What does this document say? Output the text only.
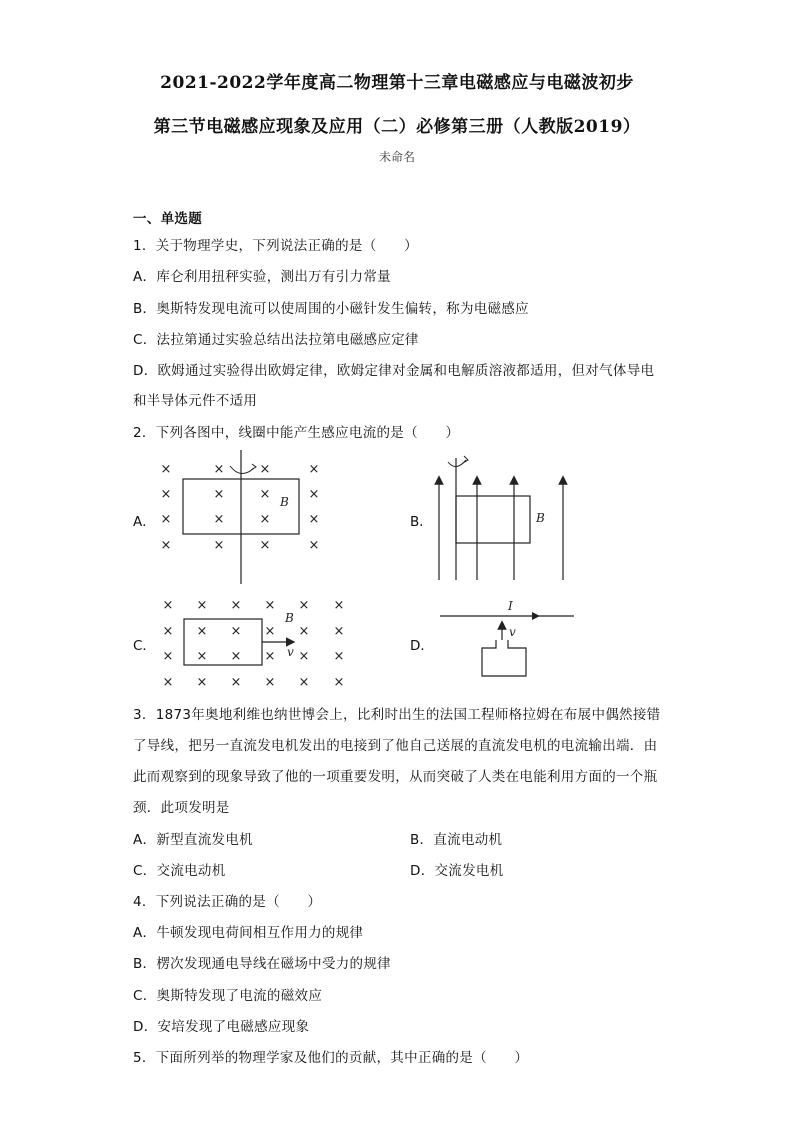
2021-2022学年度高二物理第十三章电磁感应与电磁波初步
第三节电磁感应现象及应用（二）必修第三册（人教版2019）
未命名
一、单选题
1．关于物理学史，下列说法正确的是（　　）
A．库仑利用扭秤实验，测出万有引力常量
B．奥斯特发现电流可以使周围的小磁针发生偏转，称为电磁感应
C．法拉第通过实验总结出法拉第电磁感应定律
D．欧姆通过实验得出欧姆定律，欧姆定律对金属和电解质溶液都适用，但对气体导电
和半导体元件不适用
2．下列各图中，线圈中能产生感应电流的是（　　）
A．
×	×	×	×
×	×	×	×
×	×	×	×
×	×	×	×
B
B．	B
C．
× × × × × ×
× × × × × ×
× × × × × ×
× × × × × ×
B
v	D．
I
v
3．1873年奥地利维也纳世博会上，比利时出生的法国工程师格拉姆在布展中偶然接错
了导线，把另一直流发电机发出的电接到了他自己送展的直流发电机的电流输出端．由
此而观察到的现象导致了他的一项重要发明，从而突破了人类在电能利用方面的一个瓶
颈．此项发明是
A．新型直流发电机	B．直流电动机
C．交流电动机	D．交流发电机
4．下列说法正确的是（　　）
A．牛顿发现电荷间相互作用力的规律
B．楞次发现通电导线在磁场中受力的规律
C．奥斯特发现了电流的磁效应
D．安培发现了电磁感应现象
5．下面所列举的物理学家及他们的贡献，其中正确的是（　　）
